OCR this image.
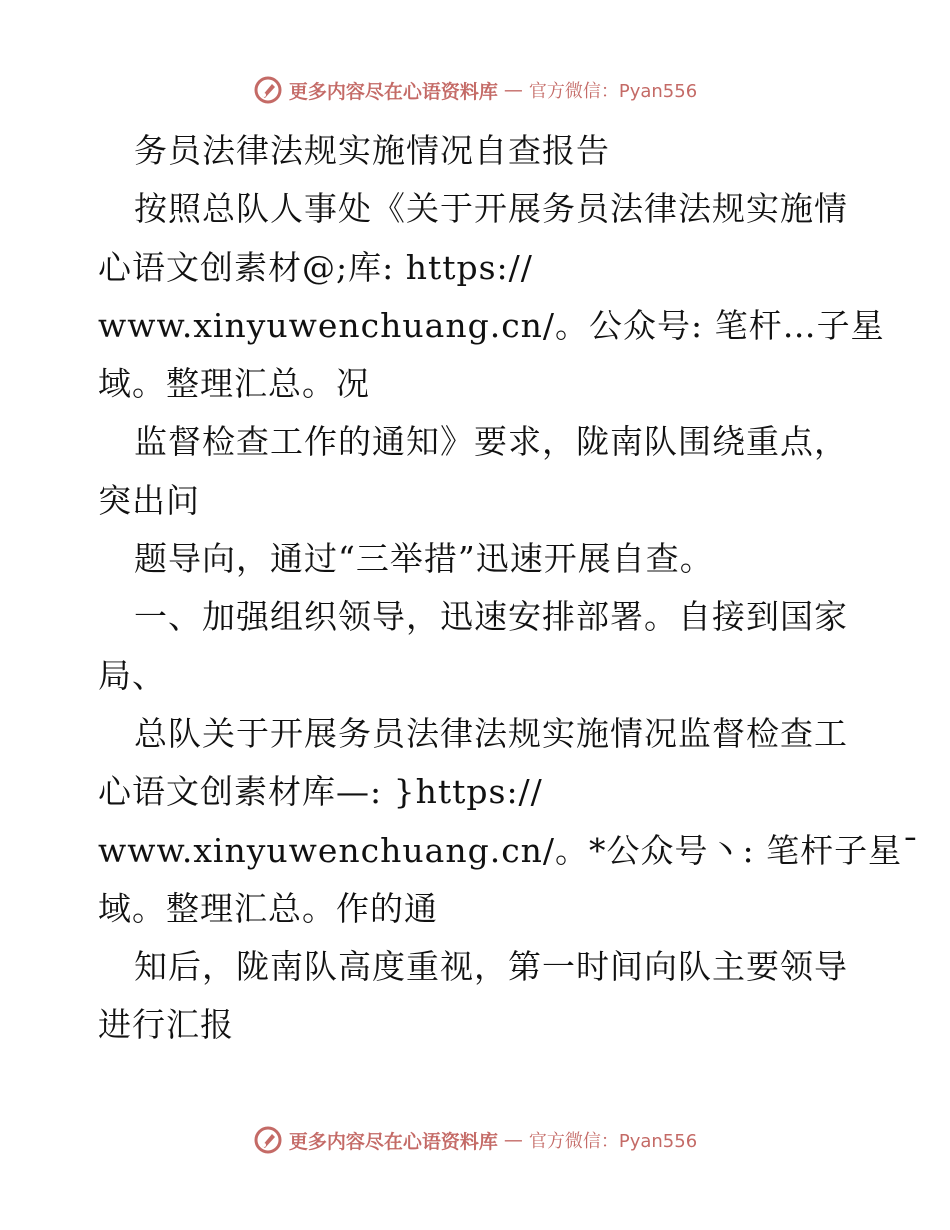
更多内容尽在心语资料库 — 官方微信：Pyan556
务员法律法规实施情况自查报告
按照总队人事处《关于开展务员法律法规实施情
心语文创素材@;库: https://
www.xinyuwenchuang.cn/。公众号: 笔杆…子星
域。整理汇总。况
监督检查工作的通知》要求，陇南队围绕重点，
突出问
题导向，通过“三举措”迅速开展自查。
一、加强组织领导，迅速安排部署。自接到国家
局、
总队关于开展务员法律法规实施情况监督检查工
心语文创素材库—: }https://
www.xinyuwenchuang.cn/。*公众号丶: 笔杆子星¯
域。整理汇总。作的通
知后，陇南队高度重视，第一时间向队主要领导
进行汇报
更多内容尽在心语资料库 — 官方微信：Pyan556
